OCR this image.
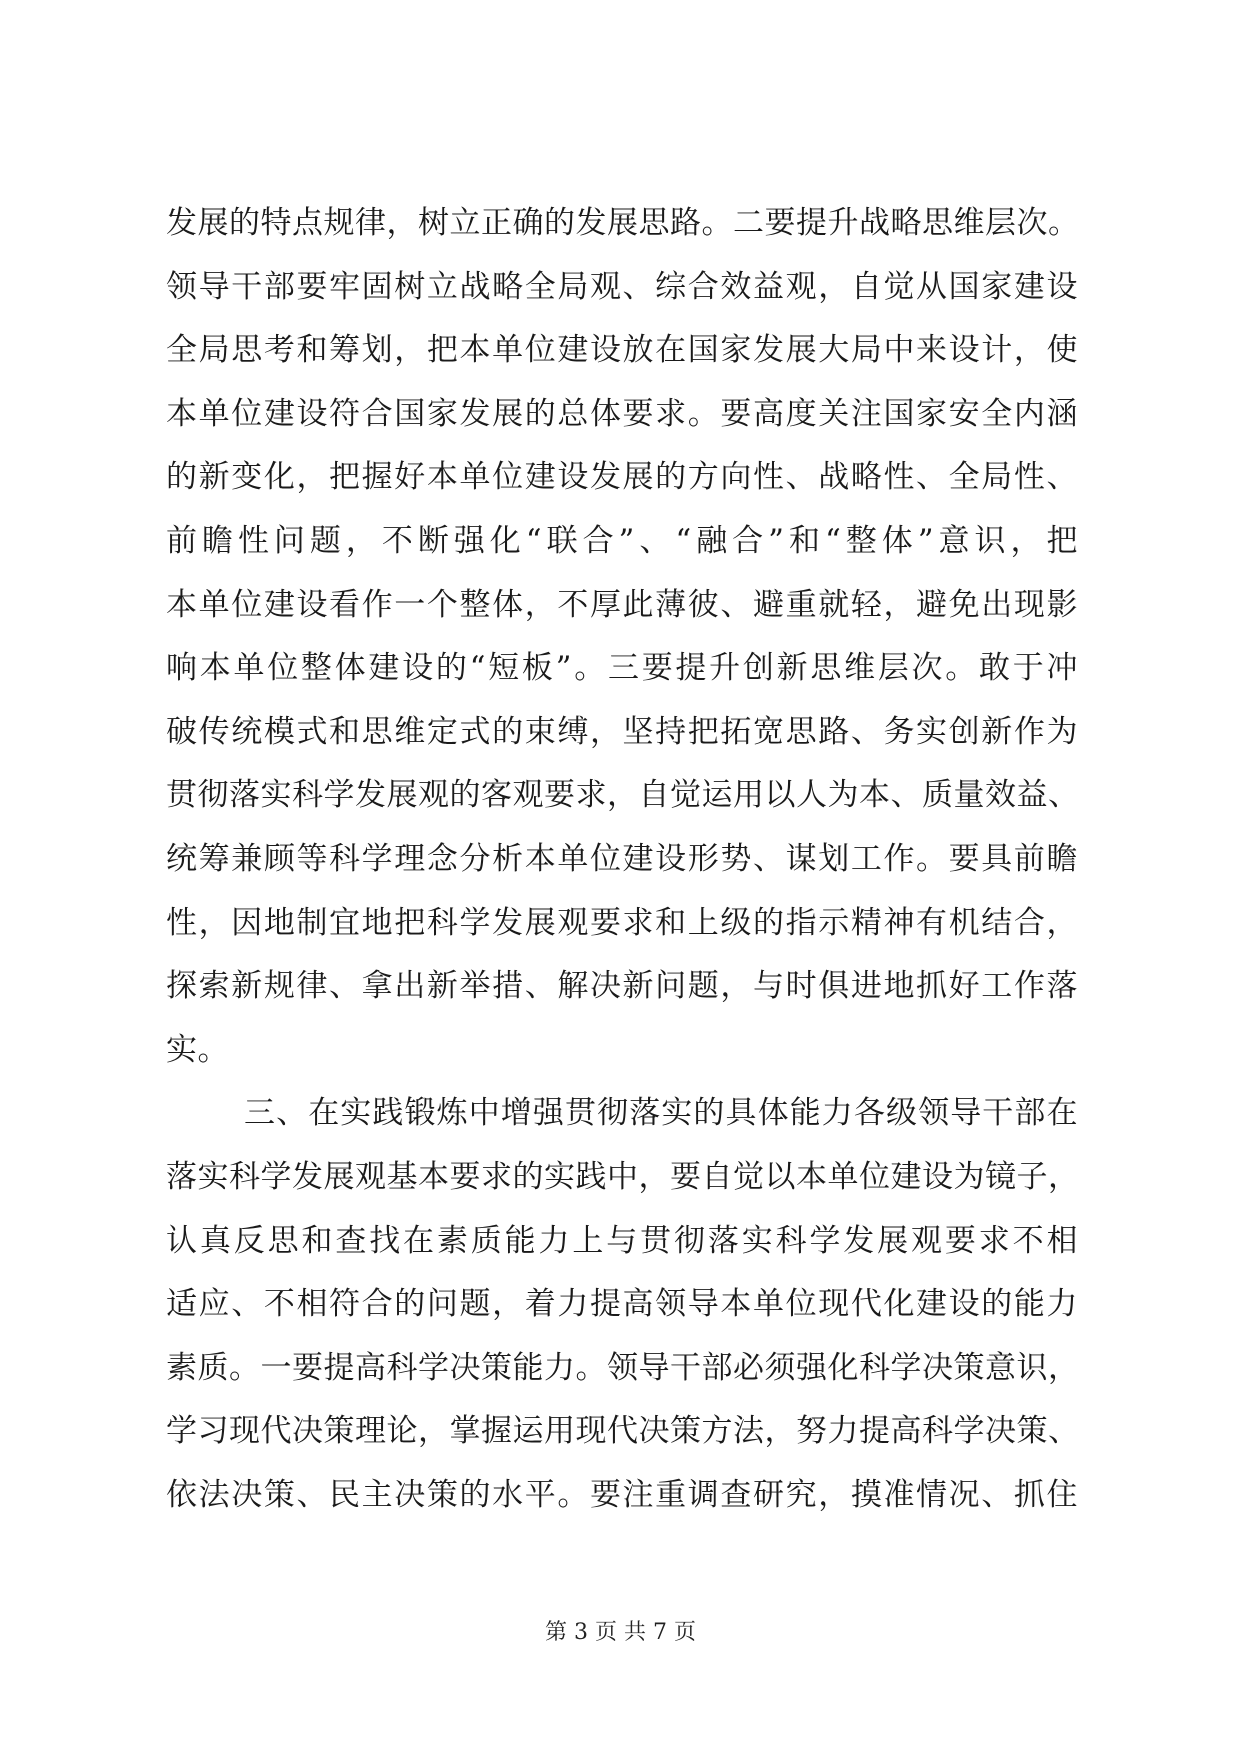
发展的特点规律，树立正确的发展思路。二要提升战略思维层次。
领导干部要牢固树立战略全局观、综合效益观，自觉从国家建设
全局思考和筹划，把本单位建设放在国家发展大局中来设计，使
本单位建设符合国家发展的总体要求。要高度关注国家安全内涵
的新变化，把握好本单位建设发展的方向性、战略性、全局性、
前瞻性问题，不断强化“联合”、“融合”和“整体”意识，把
本单位建设看作一个整体，不厚此薄彼、避重就轻，避免出现影
响本单位整体建设的“短板”。三要提升创新思维层次。敢于冲
破传统模式和思维定式的束缚，坚持把拓宽思路、务实创新作为
贯彻落实科学发展观的客观要求，自觉运用以人为本、质量效益、
统筹兼顾等科学理念分析本单位建设形势、谋划工作。要具前瞻
性，因地制宜地把科学发展观要求和上级的指示精神有机结合，
探索新规律、拿出新举措、解决新问题，与时俱进地抓好工作落
实。
三、在实践锻炼中增强贯彻落实的具体能力各级领导干部在
落实科学发展观基本要求的实践中，要自觉以本单位建设为镜子，
认真反思和查找在素质能力上与贯彻落实科学发展观要求不相
适应、不相符合的问题，着力提高领导本单位现代化建设的能力
素质。一要提高科学决策能力。领导干部必须强化科学决策意识，
学习现代决策理论，掌握运用现代决策方法，努力提高科学决策、
依法决策、民主决策的水平。要注重调查研究，摸准情况、抓住
第 3 页 共 7 页
